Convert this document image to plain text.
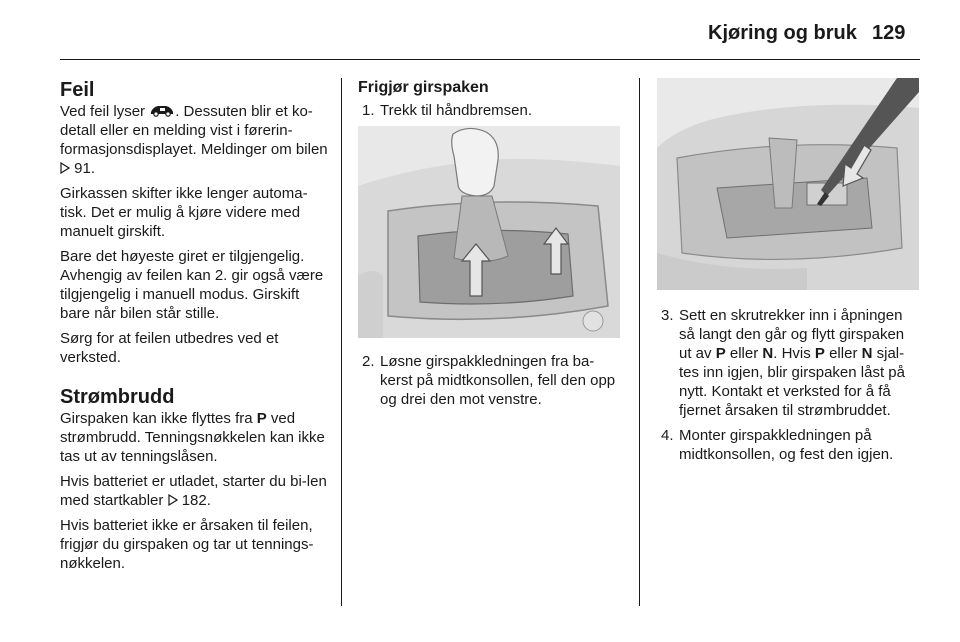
Kjøring og bruk 129
Feil

Ved feil lyser . Dessuten blir et ko-detall eller en melding vist i førerin-formasjonsdisplayet. Meldinger om bilen  91.

Girkassen skifter ikke lenger automa-tisk. Det er mulig å kjøre videre med manuelt girskift.

Bare det høyeste giret er tilgjengelig. Avhengig av feilen kan 2. gir også være tilgjengelig i manuell modus. Girskift bare når bilen står stille.

Sørg for at feilen utbedres ved et verksted.

Strømbrudd

Girspaken kan ikke flyttes fra P ved strømbrudd. Tenningsnøkkelen kan ikke tas ut av tenningslåsen.

Hvis batteriet er utladet, starter du bi-len med startkabler  182.

Hvis batteriet ikke er årsaken til feilen, frigjør du girspaken og tar ut tennings-nøkkelen.

Frigjør girspaken
1. Trekk til håndbremsen.
2. Løsne girspakkledningen fra ba-kerst på midtkonsollen, fell den opp og drei den mot venstre.
3. Sett en skrutrekker inn i åpningen så langt den går og flytt girspaken ut av P eller N. Hvis P eller N sjal-tes inn igjen, blir girspaken låst på nytt. Kontakt et verksted for å få fjernet årsaken til strømbruddet.
4. Monter girspakkledningen på midtkonsollen, og fest den igjen.
